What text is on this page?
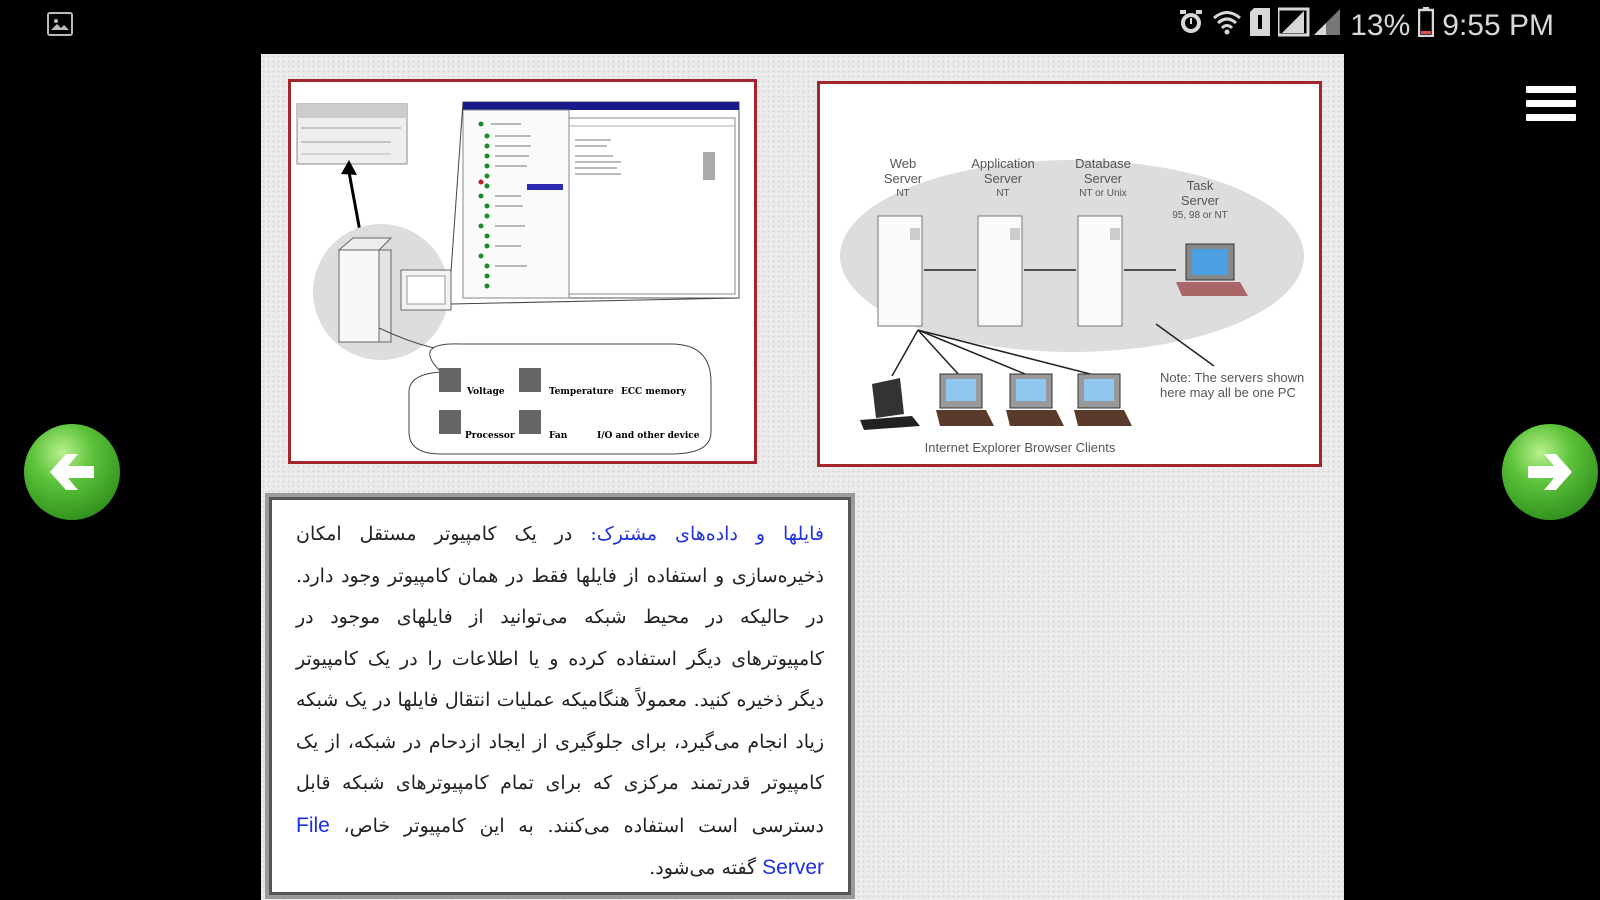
13% 9:55 PM
Voltage	Temperature ECC memory
Processor	Fan	I/O and other device
Web
Server
NT
Application
Server
NT
Database
Server
NT or Unix
Task
Server
95, 98 or NT
Note: The servers shown
here may all be one PC
Internet Explorer Browser Clients

فایلها و داده‌های مشترک: در یک کامپیوتر مستقل امکان ذخیره‌سازی و استفاده از فایلها فقط در همان کامپیوتر وجود دارد. در حالیکه در محیط شبکه می‌توانید از فایلهای موجود در کامپیوترهای دیگر استفاده کرده و یا اطلاعات را در یک کامپیوتر دیگر ذخیره کنید. معمولاً هنگامیکه عملیات انتقال فایلها در یک شبکه زیاد انجام می‌گیرد، برای جلوگیری از ایجاد ازدحام در شبکه، از یک کامپیوتر قدرتمند مرکزی که برای تمام کامپیوترهای شبکه قابل دسترسی است استفاده می‌کنند. به این کامپیوتر خاص، File Server گفته می‌شود.
